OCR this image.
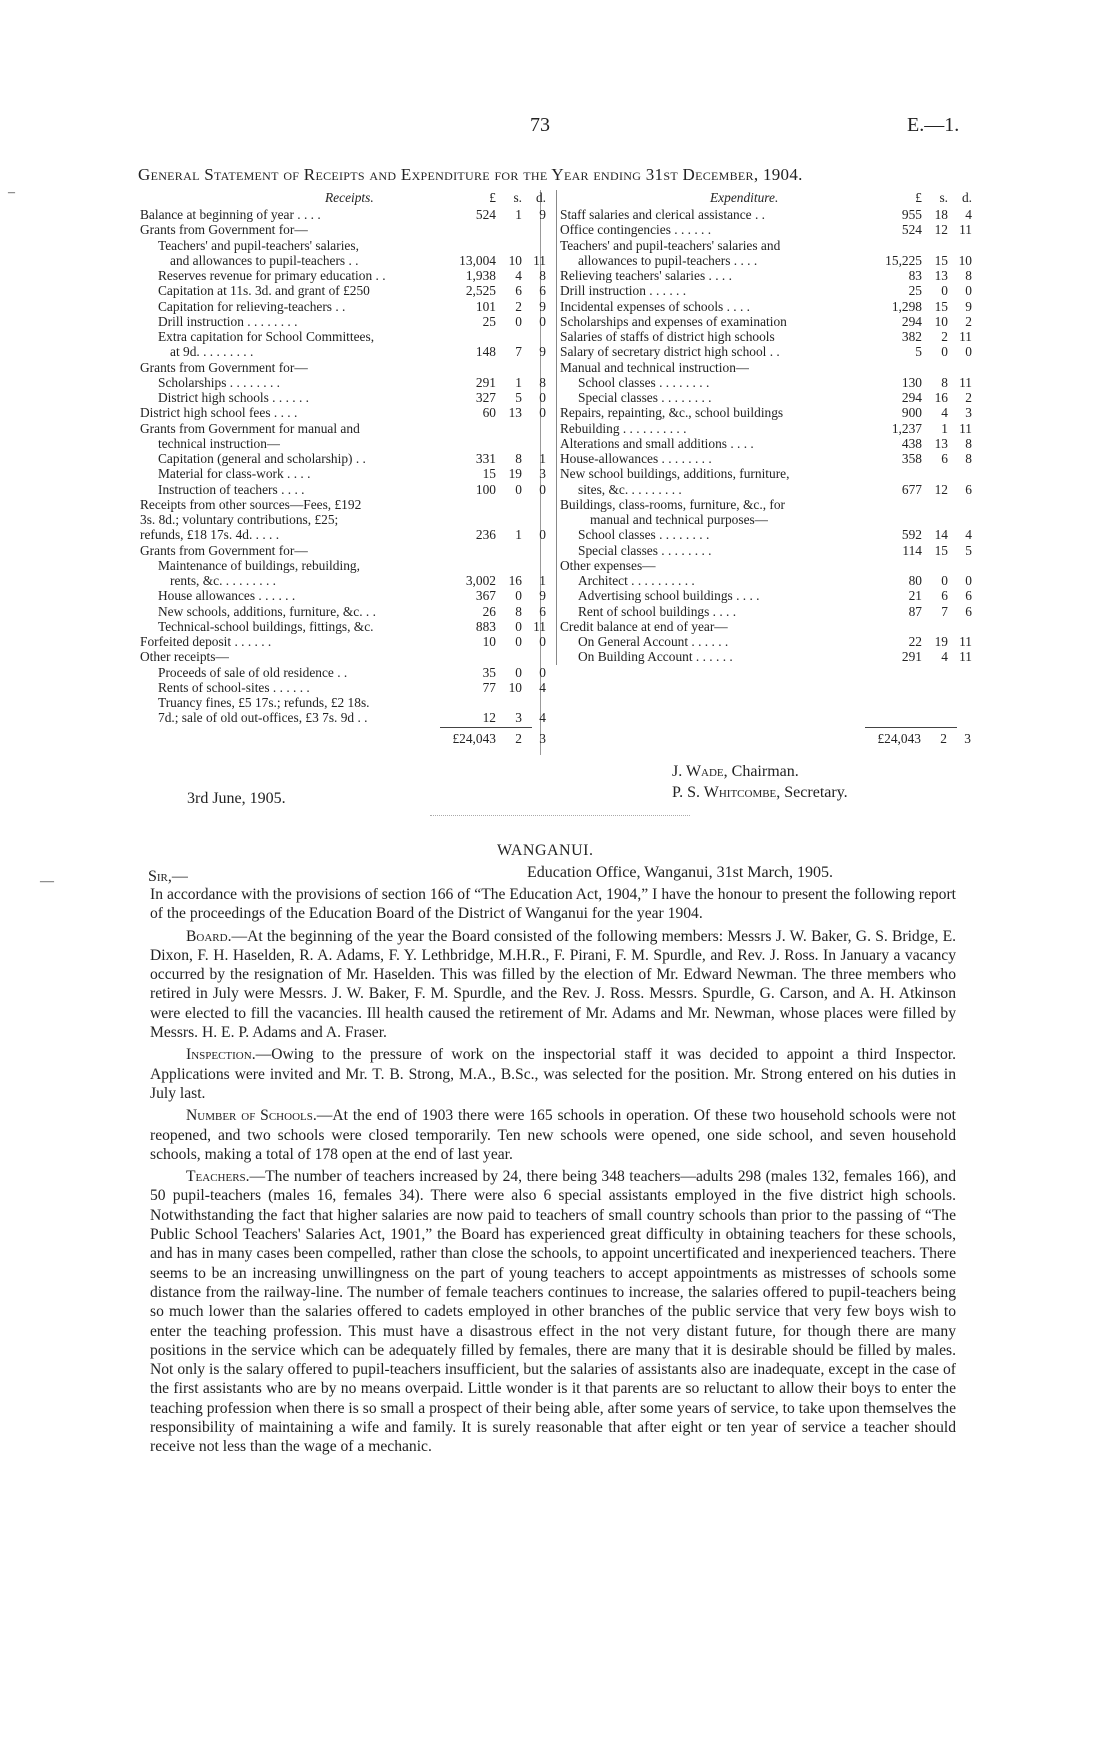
73	E.—1.
General Statement of Receipts and Expenditure for the Year ending 31st December, 1904.
Receipts.	£	s.	d.
Balance at beginning of year . . . .	524	1	9
Grants from Government for—
Teachers' and pupil-teachers' salaries,
and allowances to pupil-teachers . .	13,004 10 11
Reserves revenue for primary education . .	1,938	4	8
Capitation at 11s. 3d. and grant of £250	2,525	6	6
Capitation for relieving-teachers . .	101	2	9
Drill instruction . . . . . . . .	25	0	0
Extra capitation for School Committees,
at 9d. . . . . . . . .	148	7	9
Grants from Government for—
Scholarships . . . . . . . .	291	1	8
District high schools . . . . . .	327	5	0
District high school fees . . . .	60 13	0
Grants from Government for manual and
technical instruction—
Capitation (general and scholarship) . .	331	8	1
Material for class-work . . . .	15 19	3
Instruction of teachers . . . .	100	0	0
Receipts from other sources—Fees, £192
3s. 8d.; voluntary contributions, £25;
refunds, £18 17s. 4d. . . . .	236	1	0
Grants from Government for—
Maintenance of buildings, rebuilding,
rents, &c. . . . . . . . .	3,002 16	1
House allowances . . . . . .	367	0	9
New schools, additions, furniture, &c. . .	26	8	6
Technical-school buildings, fittings, &c.	883	0 11
Forfeited deposit . . . . . .	10	0	0
Other receipts—
Proceeds of sale of old residence . .	35	0	0
Rents of school-sites . . . . . .	77 10	4
Truancy fines, £5 17s.; refunds, £2 18s.
7d.; sale of old out-offices, £3 7s. 9d . .	12	3	4
Expenditure.	£	s.	d.
Staff salaries and clerical assistance . .	955 18	4
Office contingencies . . . . . .	524 12 11
Teachers' and pupil-teachers' salaries and
allowances to pupil-teachers . . . .	15,225 15 10
Relieving teachers' salaries . . . .	83 13	8
Drill instruction . . . . . .	25	0	0
Incidental expenses of schools . . . .	1,298 15	9
Scholarships and expenses of examination	294 10	2
Salaries of staffs of district high schools	382	2 11
Salary of secretary district high school . .	5	0	0
Manual and technical instruction—
School classes . . . . . . . .	130	8 11
Special classes . . . . . . . .	294 16	2
Repairs, repainting, &c., school buildings	900	4	3
Rebuilding . . . . . . . . . .	1,237	1 11
Alterations and small additions . . . .	438 13	8
House-allowances . . . . . . . .	358	6	8
New school buildings, additions, furniture,
sites, &c. . . . . . . . .	677 12	6
Buildings, class-rooms, furniture, &c., for
manual and technical purposes—
School classes . . . . . . . .	592 14	4
Special classes . . . . . . . .	114 15	5
Other expenses—
Architect . . . . . . . . . .	80	0	0
Advertising school buildings . . . .	21	6	6
Rent of school buildings . . . .	87	7	6
Credit balance at end of year—
On General Account . . . . . .	22 19 11
On Building Account . . . . . .	291	4 11
£24,043	2	3	£24,043	2	3
J. Wade, Chairman.
P. S. Whitcombe, Secretary.
3rd June, 1905.
–
—
WANGANUI.
Sir,—	Education Office, Wanganui, 31st March, 1905.

In accordance with the provisions of section 166 of “The Education Act, 1904,” I have the honour to present the following report of the proceedings of the Education Board of the District of Wanganui for the year 1904.

Board.—At the beginning of the year the Board consisted of the following members: Messrs J. W. Baker, G. S. Bridge, E. Dixon, F. H. Haselden, R. A. Adams, F. Y. Lethbridge, M.H.R., F. Pirani, F. M. Spurdle, and Rev. J. Ross. In January a vacancy occurred by the resignation of Mr. Haselden. This was filled by the election of Mr. Edward Newman. The three members who retired in July were Messrs. J. W. Baker, F. M. Spurdle, and the Rev. J. Ross. Messrs. Spurdle, G. Carson, and A. H. Atkinson were elected to fill the vacancies. Ill health caused the retirement of Mr. Adams and Mr. Newman, whose places were filled by Messrs. H. E. P. Adams and A. Fraser.

Inspection.—Owing to the pressure of work on the inspectorial staff it was decided to appoint a third Inspector. Applications were invited and Mr. T. B. Strong, M.A., B.Sc., was selected for the position. Mr. Strong entered on his duties in July last.

Number of Schools.—At the end of 1903 there were 165 schools in operation. Of these two household schools were not reopened, and two schools were closed temporarily. Ten new schools were opened, one side school, and seven household schools, making a total of 178 open at the end of last year.

Teachers.—The number of teachers increased by 24, there being 348 teachers—adults 298 (males 132, females 166), and 50 pupil-teachers (males 16, females 34). There were also 6 special assistants employed in the five district high schools. Notwithstanding the fact that higher salaries are now paid to teachers of small country schools than prior to the passing of “The Public School Teachers' Salaries Act, 1901,” the Board has experienced great difficulty in obtaining teachers for these schools, and has in many cases been compelled, rather than close the schools, to appoint uncertificated and inexperienced teachers. There seems to be an increasing unwillingness on the part of young teachers to accept appointments as mistresses of schools some distance from the railway-line. The number of female teachers continues to increase, the salaries offered to pupil-teachers being so much lower than the salaries offered to cadets employed in other branches of the public service that very few boys wish to enter the teaching profession. This must have a disastrous effect in the not very distant future, for though there are many positions in the service which can be adequately filled by females, there are many that it is desirable should be filled by males. Not only is the salary offered to pupil-teachers insufficient, but the salaries of assistants also are inadequate, except in the case of the first assistants who are by no means overpaid. Little wonder is it that parents are so reluctant to allow their boys to enter the teaching profession when there is so small a prospect of their being able, after some years of service, to take upon themselves the responsibility of maintaining a wife and family. It is surely reasonable that after eight or ten year of service a teacher should receive not less than the wage of a mechanic.
